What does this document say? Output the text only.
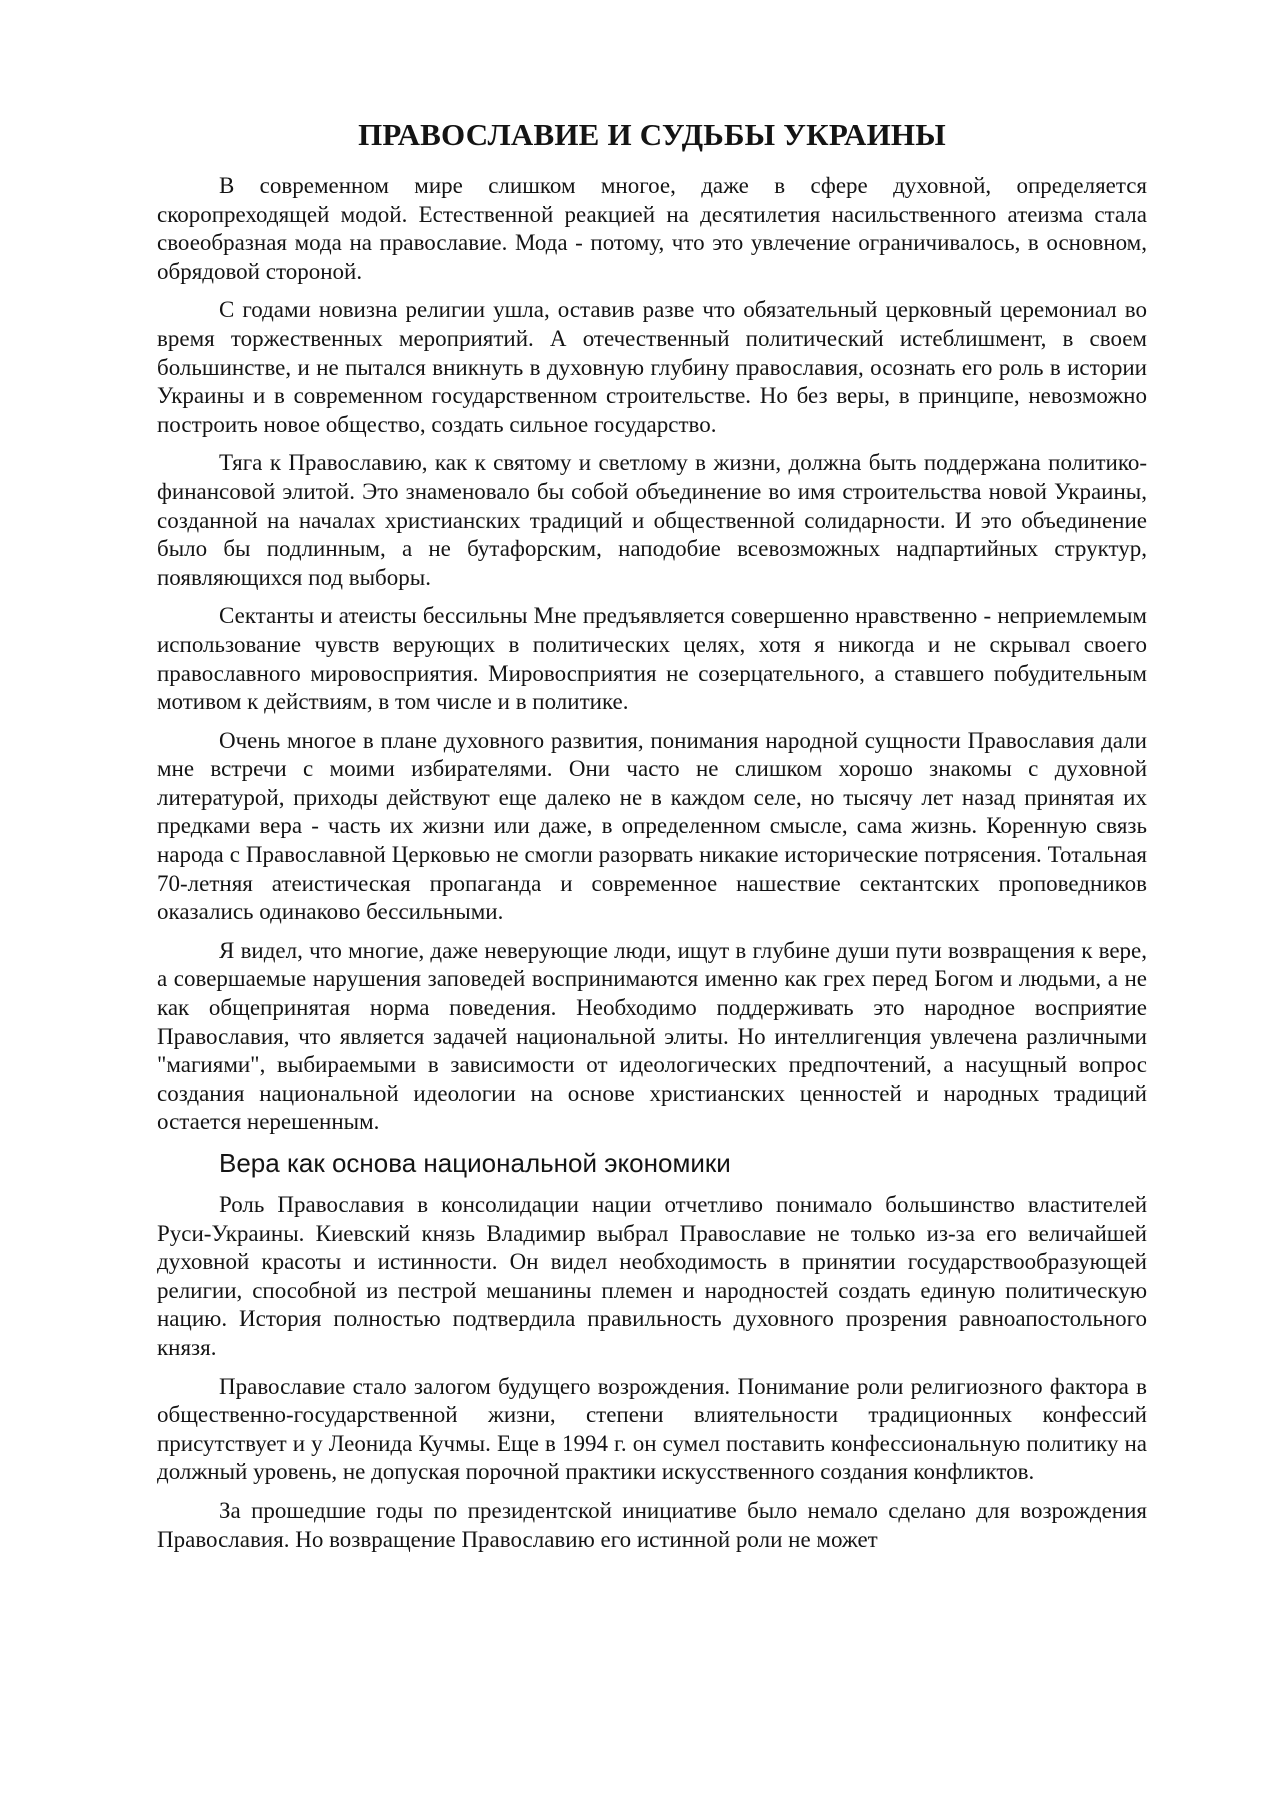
ПРАВОСЛАВИЕ И СУДЬБЫ УКРАИНЫ

В современном мире слишком многое, даже в сфере духовной, определяется скоропреходящей модой. Естественной реакцией на десятилетия насильственного атеизма стала своеобразная мода на православие. Мода - потому, что это увлечение ограничивалось, в основном, обрядовой стороной.

С годами новизна религии ушла, оставив разве что обязательный церковный церемониал во время торжественных мероприятий. А отечественный политический истеблишмент, в своем большинстве, и не пытался вникнуть в духовную глубину православия, осознать его роль в истории Украины и в современном государственном строительстве. Но без веры, в принципе, невозможно построить новое общество, создать сильное государство.

Тяга к Православию, как к святому и светлому в жизни, должна быть поддержана политико-финансовой элитой. Это знаменовало бы собой объединение во имя строительства новой Украины, созданной на началах христианских традиций и общественной солидарности. И это объединение было бы подлинным, а не бутафорским, наподобие всевозможных надпартийных структур, появляющихся под выборы.

Сектанты и атеисты бессильны Мне предъявляется совершенно нравственно - неприемлемым использование чувств верующих в политических целях, хотя я никогда и не скрывал своего православного мировосприятия. Мировосприятия не созерцательного, а ставшего побудительным мотивом к действиям, в том числе и в политике.

Очень многое в плане духовного развития, понимания народной сущности Православия дали мне встречи с моими избирателями. Они часто не слишком хорошо знакомы с духовной литературой, приходы действуют еще далеко не в каждом селе, но тысячу лет назад принятая их предками вера - часть их жизни или даже, в определенном смысле, сама жизнь. Коренную связь народа с Православной Церковью не смогли разорвать никакие исторические потрясения. Тотальная 70-летняя атеистическая пропаганда и современное нашествие сектантских проповедников оказались одинаково бессильными.

Я видел, что многие, даже неверующие люди, ищут в глубине души пути возвращения к вере, а совершаемые нарушения заповедей воспринимаются именно как грех перед Богом и людьми, а не как общепринятая норма поведения. Необходимо поддерживать это народное восприятие Православия, что является задачей национальной элиты. Но интеллигенция увлечена различными "магиями", выбираемыми в зависимости от идеологических предпочтений, а насущный вопрос создания национальной идеологии на основе христианских ценностей и народных традиций остается нерешенным.

Вера как основа национальной экономики

Роль Православия в консолидации нации отчетливо понимало большинство властителей Руси-Украины. Киевский князь Владимир выбрал Православие не только из-за его величайшей духовной красоты и истинности. Он видел необходимость в принятии государствообразующей религии, способной из пестрой мешанины племен и народностей создать единую политическую нацию. История полностью подтвердила правильность духовного прозрения равноапостольного князя.

Православие стало залогом будущего возрождения. Понимание роли религиозного фактора в общественно-государственной жизни, степени влиятельности традиционных конфессий присутствует и у Леонида Кучмы. Еще в 1994 г. он сумел поставить конфессиональную политику на должный уровень, не допуская порочной практики искусственного создания конфликтов.

За прошедшие годы по президентской инициативе было немало сделано для возрождения Православия. Но возвращение Православию его истинной роли не может
